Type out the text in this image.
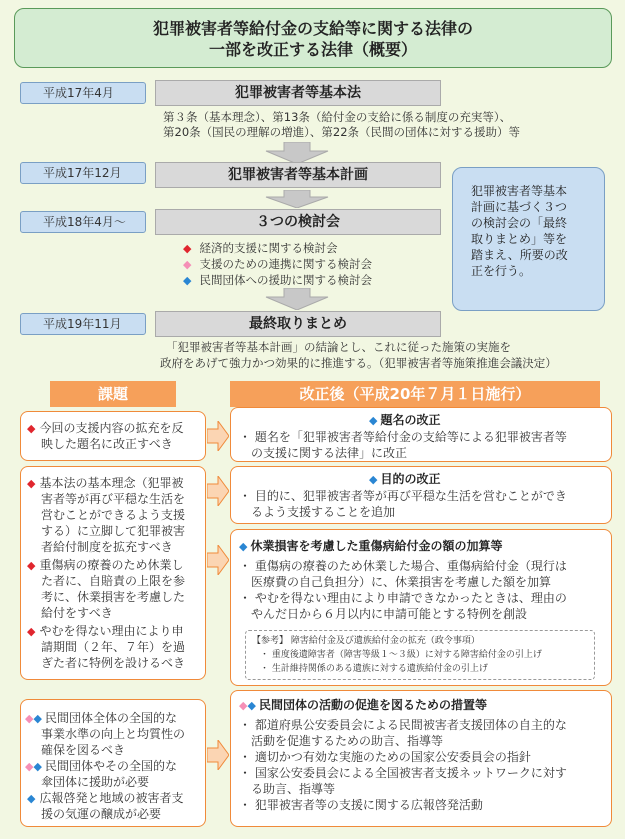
犯罪被害者等給付金の支給等に関する法律の
一部を改正する法律（概要）
平成17年4月	犯罪被害者等基本法
第３条（基本理念）、第13条（給付金の支給に係る制度の充実等）、
第20条（国民の理解の増進）、第22条（民間の団体に対する援助）等
平成17年12月	犯罪被害者等基本計画
平成18年4月～	３つの検討会
◆ 経済的支援に関する検討会
◆ 支援のための連携に関する検討会
◆ 民間団体への援助に関する検討会
平成19年11月	最終取りまとめ
「犯罪被害者等基本計画」の結論とし、これに従った施策の実施を
政府をあげて強力かつ効果的に推進する。（犯罪被害者等施策推進会議決定）
犯罪被害者等基本
計画に基づく３つ
の検討会の「最終
取りまとめ」等を
踏まえ、所要の改
正を行う。
課題	改正後（平成20年７月１日施行）
◆ 今回の支援内容の拡充を反
映した題名に改正すべき
◆ 基本法の基本理念（犯罪被
害者等が再び平穏な生活を
営むことができるよう支援
する）に立脚して犯罪被害
者給付制度を拡充すべき
◆ 重傷病の療養のため休業し
た者に、自賠責の上限を参
考に、休業損害を考慮した
給付をすべき
◆ やむを得ない理由により申
請期間（２年、７年）を過
ぎた者に特例を設けるべき
◆◆ 民間団体全体の全国的な
事業水準の向上と均質性の
確保を図るべき
◆◆ 民間団体やその全国的な
傘団体に援助が必要
◆ 広報啓発と地域の被害者支
援の気運の醸成が必要
◆ 題名の改正
・ 題名を「犯罪被害者等給付金の支給等による犯罪被害者等
　の支援に関する法律」に改正
◆ 目的の改正
・ 目的に、犯罪被害者等が再び平穏な生活を営むことができ
　るよう支援することを追加
◆ 休業損害を考慮した重傷病給付金の額の加算等
・ 重傷病の療養のため休業した場合、重傷病給付金（現行は
　医療費の自己負担分）に、休業損害を考慮した額を加算
・ やむを得ない理由により申請できなかったときは、理由の
　やんだ日から６月以内に申請可能とする特例を創設
【参考】 障害給付金及び遺族給付金の拡充（政令事項）
・ 重度後遺障害者（障害等級１～３級）に対する障害給付金の引上げ
・ 生計維持関係のある遺族に対する遺族給付金の引上げ
◆◆ 民間団体の活動の促進を図るための措置等
・ 都道府県公安委員会による民間被害者支援団体の自主的な
　活動を促進するための助言、指導等
・ 適切かつ有効な実施のための国家公安委員会の指針
・ 国家公安委員会による全国被害者支援ネットワークに対す
　る助言、指導等
・ 犯罪被害者等の支援に関する広報啓発活動
